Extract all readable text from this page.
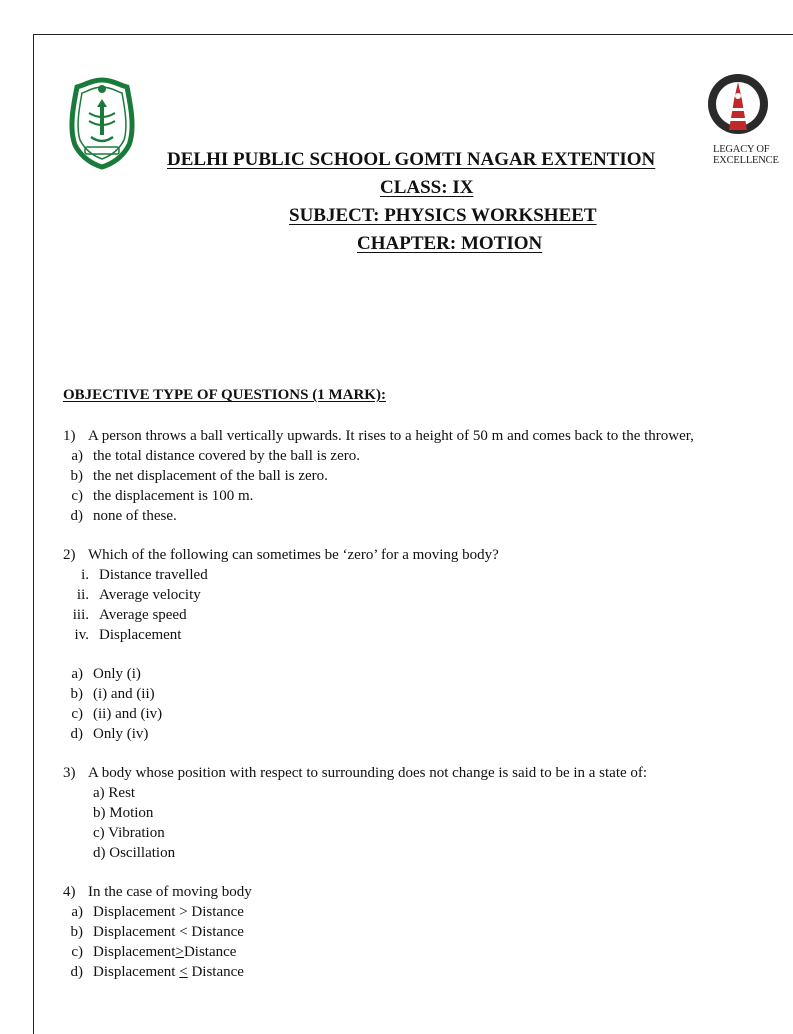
LEGACY OF EXCELLENCE
DELHI PUBLIC SCHOOL GOMTI NAGAR EXTENTION
CLASS: IX
SUBJECT: PHYSICS WORKSHEET
CHAPTER: MOTION
OBJECTIVE TYPE OF QUESTIONS (1 MARK):
1) A person throws a ball vertically upwards. It rises to a height of 50 m and comes back to the thrower,
a) the total distance covered by the ball is zero.
b) the net displacement of the ball is zero.
c) the displacement is 100 m.
d) none of these.
2) Which of the following can sometimes be ‘zero’ for a moving body?
i. Distance travelled
ii. Average velocity
iii. Average speed
iv. Displacement
a) Only (i)
b) (i) and (ii)
c) (ii) and (iv)
d) Only (iv)
3) A body whose position with respect to surrounding does not change is said to be in a state of:
a) Rest
b) Motion
c) Vibration
d) Oscillation
4) In the case of moving body
a) Displacement > Distance
b) Displacement < Distance
c) Displacement>Distance
d) Displacement < Distance
